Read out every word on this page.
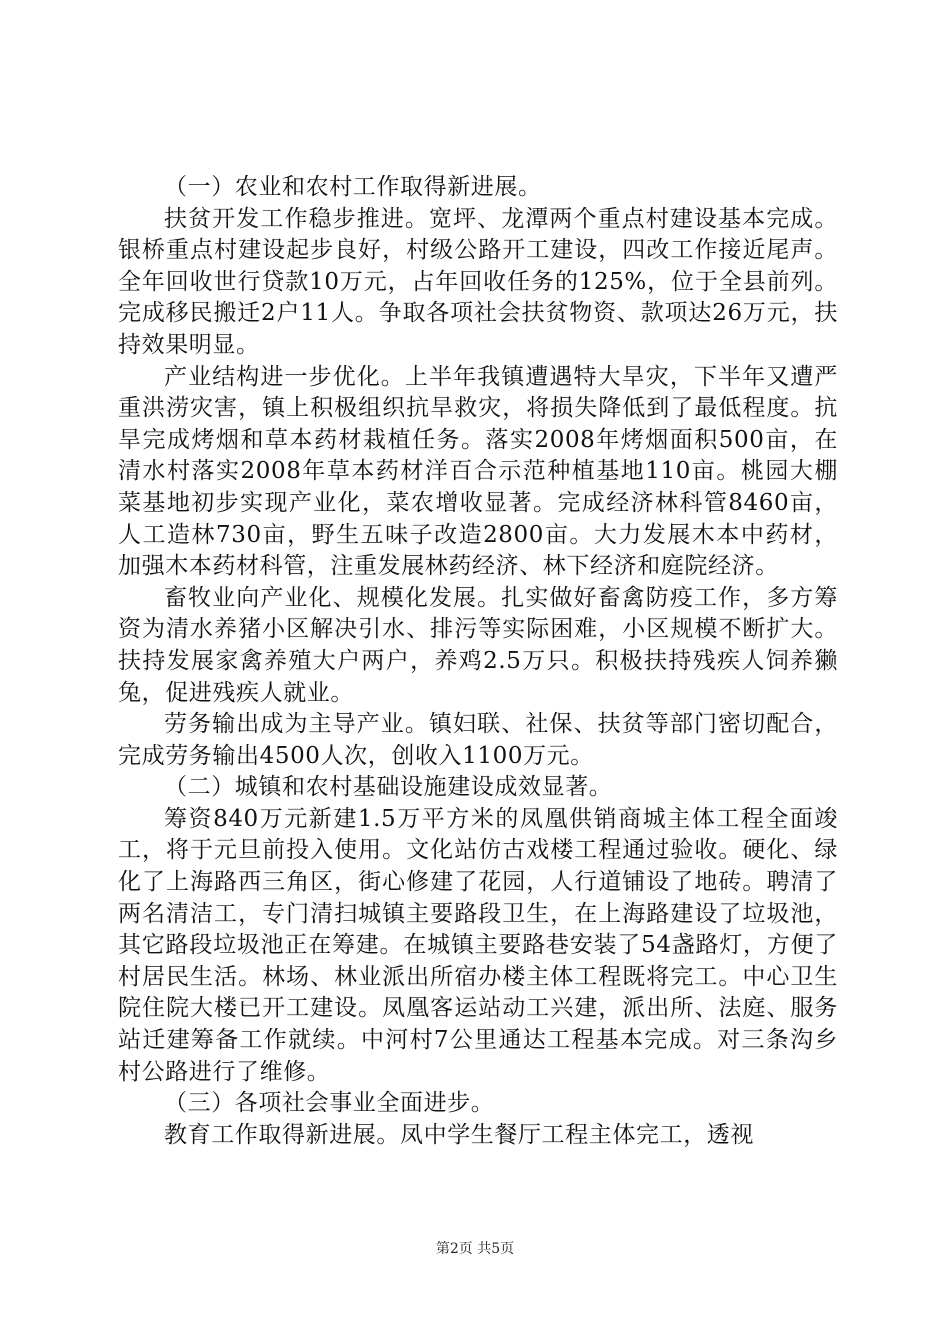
（一）农业和农村工作取得新进展。

扶贫开发工作稳步推进。宽坪、龙潭两个重点村建设基本完成。银桥重点村建设起步良好，村级公路开工建设，四改工作接近尾声。全年回收世行贷款10万元，占年回收任务的125%，位于全县前列。完成移民搬迁2户11人。争取各项社会扶贫物资、款项达26万元，扶持效果明显。

产业结构进一步优化。上半年我镇遭遇特大旱灾，下半年又遭严重洪涝灾害，镇上积极组织抗旱救灾，将损失降低到了最低程度。抗旱完成烤烟和草本药材栽植任务。落实2008年烤烟面积500亩，在清水村落实2008年草本药材洋百合示范种植基地110亩。桃园大棚菜基地初步实现产业化，菜农增收显著。完成经济林科管8460亩，人工造林730亩，野生五味子改造2800亩。大力发展木本中药材，加强木本药材科管，注重发展林药经济、林下经济和庭院经济。

畜牧业向产业化、规模化发展。扎实做好畜禽防疫工作，多方筹资为清水养猪小区解决引水、排污等实际困难，小区规模不断扩大。扶持发展家禽养殖大户两户，养鸡2.5万只。积极扶持残疾人饲养獭兔，促进残疾人就业。

劳务输出成为主导产业。镇妇联、社保、扶贫等部门密切配合，完成劳务输出4500人次，创收入1100万元。

（二）城镇和农村基础设施建设成效显著。

筹资840万元新建1.5万平方米的凤凰供销商城主体工程全面竣工，将于元旦前投入使用。文化站仿古戏楼工程通过验收。硬化、绿化了上海路西三角区，街心修建了花园，人行道铺设了地砖。聘清了两名清洁工，专门清扫城镇主要路段卫生，在上海路建设了垃圾池，其它路段垃圾池正在筹建。在城镇主要路巷安装了54盏路灯，方便了村居民生活。林场、林业派出所宿办楼主体工程既将完工。中心卫生院住院大楼已开工建设。凤凰客运站动工兴建，派出所、法庭、服务站迁建筹备工作就续。中河村7公里通达工程基本完成。对三条沟乡村公路进行了维修。

（三）各项社会事业全面进步。

教育工作取得新进展。凤中学生餐厅工程主体完工，透视

第2页 共5页
